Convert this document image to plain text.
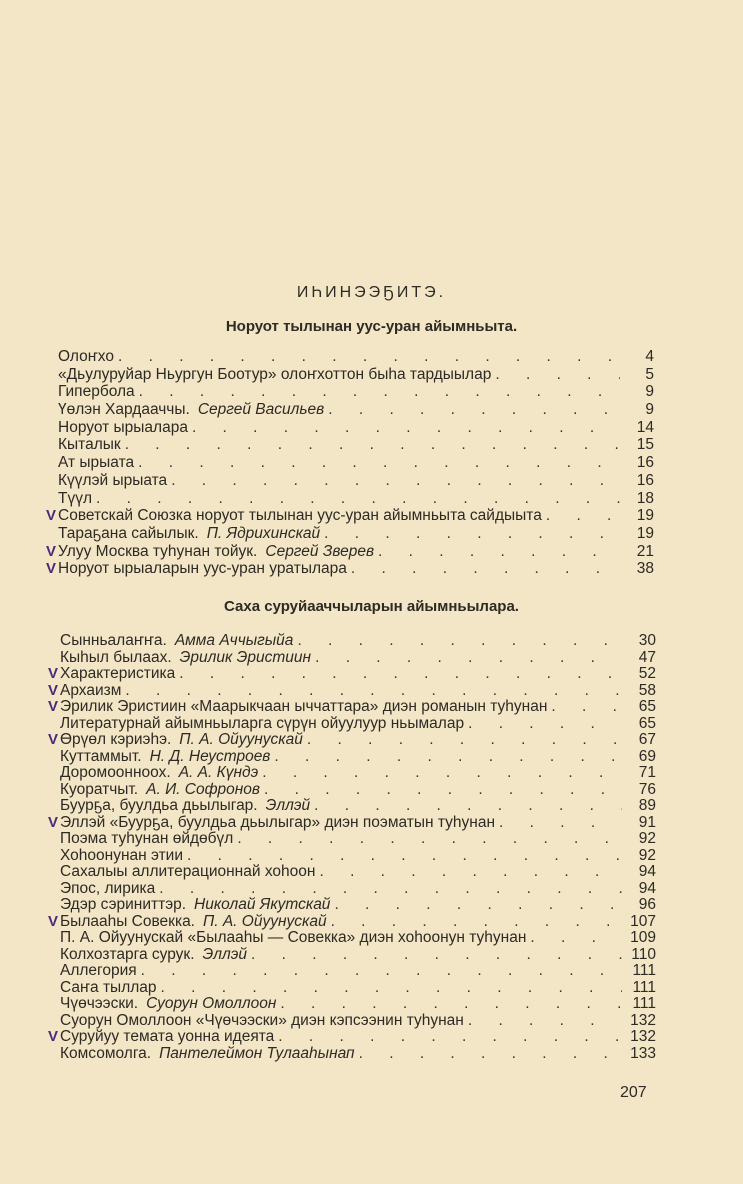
ИҺИНЭЭҔИТЭ.
Норуот тылынан уус-уран айымньыта.
Олоҥхо . . .	4
«Дьулуруйар Ньургун Боотур» олоҥхоттон быһа тардыылар . . .	5
Гипербола . . .	9
Үөлэн Хардааччы. Сергей Васильев . . .	9
Норуот ырыалара . . .	14
Кыталык . . .	15
Ат ырыата . . .	16
Күүлэй ырыата . . .	16
Түүл . . .	18
V Советскай Союзка норуот тылынан уус-уран айымньыта сайдыыта . . .	19
Тараҕана сайылык. П. Ядрихинскай . . .	19
V Улуу Москва туһунан тойук. Сергей Зверев . . .	21
V Норуот ырыаларын уус-уран уратылара . . .	38
Саха суруйааччыларын айымньылара.
Сынньалаҥҥа. Амма Аччыгыйа . . .	30
Кыһыл былаах. Эрилик Эристиин . . .	47
V Характеристика . . .	52
V Архаизм . . .	58
V Эрилик Эристиин «Маарыкчаан ыччаттара» диэн романын туһунан . . .	65
Литературнай айымньыларга сүрүн ойуулуур ньымалар . . .	65
V Өрүөл кэриэһэ. П. А. Ойуунускай . . .	67
Куттаммыт. Н. Д. Неустроев . . .	69
Доромоонноох. А. А. Күндэ . . .	71
Куоратчыт. А. И. Софронов . . .	76
Буурҕа, буулдьа дьылыгар. Эллэй . . .	89
V Эллэй «Буурҕа, буулдьа дьылыгар» диэн поэматын туһунан . . .	91
Поэма туһунан өйдөбүл . . .	92
Хоһоонунан этии . . .	92
Сахалыы аллитерационнай хоһоон . . .	94
Эпос, лирика . . .	94
Эдэр сэриниттэр. Николай Якутскай . . .	96
V Былааһы Совекка. П. А. Ойуунускай . . .	107
П. А. Ойуунускай «Былааһы — Совекка» диэн хоһоонун туһунан . . .	109
Колхозтарга сурук. Эллэй . . .	110
Аллегория . . .	111
Саҥа тыллар . . .	111
Чүөчээски. Суорун Омоллоон . . .	111
Суорун Омоллоон «Чүөчээски» диэн кэпсээнин туһунан . . .	132
V Суруйуу темата уонна идеята . . .	132
Комсомолга. Пантелеймон Тулааһынап . . .	133
207
